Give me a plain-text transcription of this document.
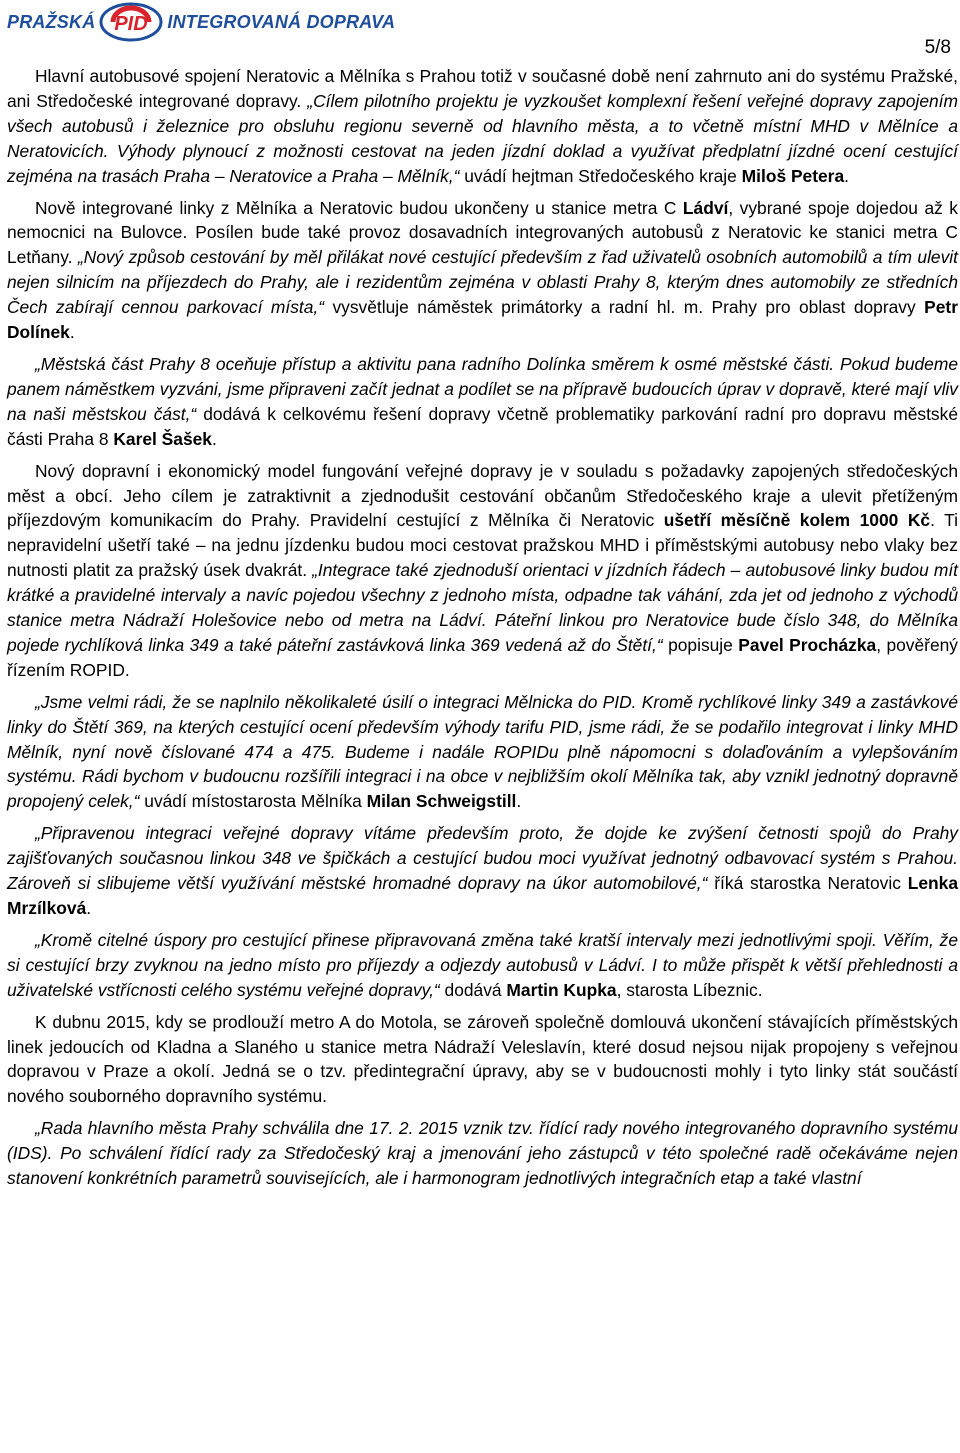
PRAŽSKÁ PID INTEGROVANÁ DOPRAVA
5/8

Hlavní autobusové spojení Neratovic a Mělníka s Prahou totiž v současné době není zahrnuto ani do systému Pražské, ani Středočeské integrované dopravy. „Cílem pilotního projektu je vyzkoušet komplexní řešení veřejné dopravy zapojením všech autobusů i železnice pro obsluhu regionu severně od hlavního města, a to včetně místní MHD v Mělníce a Neratovicích. Výhody plynoucí z možnosti cestovat na jeden jízdní doklad a využívat předplatní jízdné ocení cestující zejména na trasách Praha – Neratovice a Praha – Mělník,“ uvádí hejtman Středočeského kraje Miloš Petera.

Nově integrované linky z Mělníka a Neratovic budou ukončeny u stanice metra C Ládví, vybrané spoje dojedou až k nemocnici na Bulovce. Posílen bude také provoz dosavadních integrovaných autobusů z Neratovic ke stanici metra C Letňany. „Nový způsob cestování by měl přilákat nové cestující především z řad uživatelů osobních automobilů a tím ulevit nejen silnicím na příjezdech do Prahy, ale i rezidentům zejména v oblasti Prahy 8, kterým dnes automobily ze středních Čech zabírají cennou parkovací místa,“ vysvětluje náměstek primátorky a radní hl. m. Prahy pro oblast dopravy Petr Dolínek.

„Městská část Prahy 8 oceňuje přístup a aktivitu pana radního Dolínka směrem k osmé městské části. Pokud budeme panem náměstkem vyzváni, jsme připraveni začít jednat a podílet se na přípravě budoucích úprav v dopravě, které mají vliv na naši městskou část,“ dodává k celkovému řešení dopravy včetně problematiky parkování radní pro dopravu městské části Praha 8 Karel Šašek.

Nový dopravní i ekonomický model fungování veřejné dopravy je v souladu s požadavky zapojených středočeských měst a obcí. Jeho cílem je zatraktivnit a zjednodušit cestování občanům Středočeského kraje a ulevit přetíženým příjezdovým komunikacím do Prahy. Pravidelní cestující z Mělníka či Neratovic ušetří měsíčně kolem 1000 Kč. Ti nepravidelní ušetří také – na jednu jízdenku budou moci cestovat pražskou MHD i příměstskými autobusy nebo vlaky bez nutnosti platit za pražský úsek dvakrát. „Integrace také zjednoduší orientaci v jízdních řádech – autobusové linky budou mít krátké a pravidelné intervaly a navíc pojedou všechny z jednoho místa, odpadne tak váhání, zda jet od jednoho z východů stanice metra Nádraží Holešovice nebo od metra na Ládví. Páteřní linkou pro Neratovice bude číslo 348, do Mělníka pojede rychlíková linka 349 a také páteřní zastávková linka 369 vedená až do Štětí,“ popisuje Pavel Procházka, pověřený řízením ROPID.

„Jsme velmi rádi, že se naplnilo několikaleté úsilí o integraci Mělnicka do PID. Kromě rychlíkové linky 349 a zastávkové linky do Štětí 369, na kterých cestující ocení především výhody tarifu PID, jsme rádi, že se podařilo integrovat i linky MHD Mělník, nyní nově číslované 474 a 475. Budeme i nadále ROPIDu plně nápomocni s dolaďováním a vylepšováním systému. Rádi bychom v budoucnu rozšířili integraci i na obce v nejbližším okolí Mělníka tak, aby vznikl jednotný dopravně propojený celek,“ uvádí místostarosta Mělníka Milan Schweigstill.

„Připravenou integraci veřejné dopravy vítáme především proto, že dojde ke zvýšení četnosti spojů do Prahy zajišťovaných současnou linkou 348 ve špičkách a cestující budou moci využívat jednotný odbavovací systém s Prahou. Zároveň si slibujeme větší využívání městské hromadné dopravy na úkor automobilové,“ říká starostka Neratovic Lenka Mrzílková.

„Kromě citelné úspory pro cestující přinese připravovaná změna také kratší intervaly mezi jednotlivými spoji. Věřím, že si cestující brzy zvyknou na jedno místo pro příjezdy a odjezdy autobusů v Ládví. I to může přispět k větší přehlednosti a uživatelské vstřícnosti celého systému veřejné dopravy,“ dodává Martin Kupka, starosta Líbeznic.

K dubnu 2015, kdy se prodlouží metro A do Motola, se zároveň společně domlouvá ukončení stávajících příměstských linek jedoucích od Kladna a Slaného u stanice metra Nádraží Veleslavín, které dosud nejsou nijak propojeny s veřejnou dopravou v Praze a okolí. Jedná se o tzv. předintegrační úpravy, aby se v budoucnosti mohly i tyto linky stát součástí nového souborného dopravního systému.

„Rada hlavního města Prahy schválila dne 17. 2. 2015 vznik tzv. řídící rady nového integrovaného dopravního systému (IDS). Po schválení řídící rady za Středočeský kraj a jmenování jeho zástupců v této společné radě očekáváme nejen stanovení konkrétních parametrů souvisejících, ale i harmonogram jednotlivých integračních etap a také vlastní
